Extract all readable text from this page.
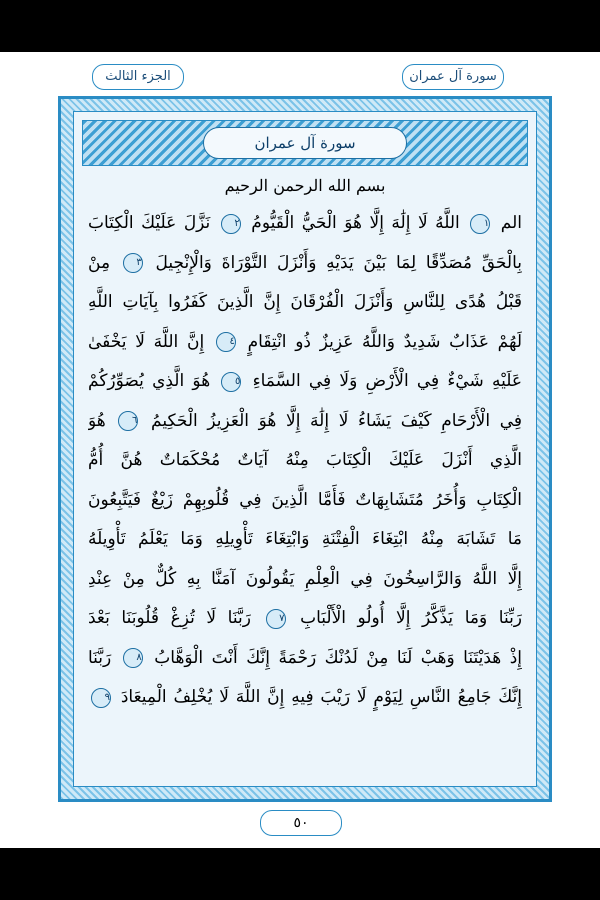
الجزء الثالث	سورة آل عمران
سورة آل عمران
بسم الله الرحمن الرحيم
الم ١ اللَّهُ لَا إِلَٰهَ إِلَّا هُوَ الْحَيُّ الْقَيُّومُ ٢ نَزَّلَ عَلَيْكَ الْكِتَابَ
بِالْحَقِّ مُصَدِّقًا لِمَا بَيْنَ يَدَيْهِ وَأَنْزَلَ التَّوْرَاةَ وَالْإِنْجِيلَ ٣ مِنْ
قَبْلُ هُدًى لِلنَّاسِ وَأَنْزَلَ الْفُرْقَانَ إِنَّ الَّذِينَ كَفَرُوا بِآيَاتِ اللَّهِ
لَهُمْ عَذَابٌ شَدِيدٌ وَاللَّهُ عَزِيزٌ ذُو انْتِقَامٍ ٤ إِنَّ اللَّهَ لَا يَخْفَىٰ
عَلَيْهِ شَيْءٌ فِي الْأَرْضِ وَلَا فِي السَّمَاءِ ٥ هُوَ الَّذِي يُصَوِّرُكُمْ
فِي الْأَرْحَامِ كَيْفَ يَشَاءُ لَا إِلَٰهَ إِلَّا هُوَ الْعَزِيزُ الْحَكِيمُ ٦ هُوَ
الَّذِي أَنْزَلَ عَلَيْكَ الْكِتَابَ مِنْهُ آيَاتٌ مُحْكَمَاتٌ هُنَّ أُمُّ
الْكِتَابِ وَأُخَرُ مُتَشَابِهَاتٌ فَأَمَّا الَّذِينَ فِي قُلُوبِهِمْ زَيْغٌ فَيَتَّبِعُونَ
مَا تَشَابَهَ مِنْهُ ابْتِغَاءَ الْفِتْنَةِ وَابْتِغَاءَ تَأْوِيلِهِ وَمَا يَعْلَمُ تَأْوِيلَهُ
إِلَّا اللَّهُ وَالرَّاسِخُونَ فِي الْعِلْمِ يَقُولُونَ آمَنَّا بِهِ كُلٌّ مِنْ عِنْدِ
رَبِّنَا وَمَا يَذَّكَّرُ إِلَّا أُولُو الْأَلْبَابِ ٧ رَبَّنَا لَا تُزِغْ قُلُوبَنَا بَعْدَ
إِذْ هَدَيْتَنَا وَهَبْ لَنَا مِنْ لَدُنْكَ رَحْمَةً إِنَّكَ أَنْتَ الْوَهَّابُ ٨ رَبَّنَا
إِنَّكَ جَامِعُ النَّاسِ لِيَوْمٍ لَا رَيْبَ فِيهِ إِنَّ اللَّهَ لَا يُخْلِفُ الْمِيعَادَ ٩
٥٠
